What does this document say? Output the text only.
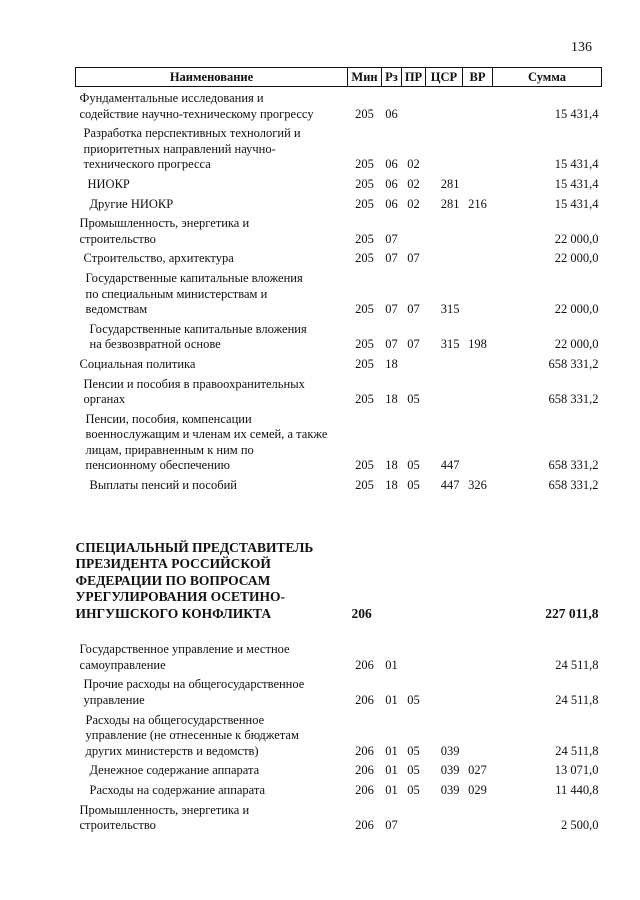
136
Наименование	Мин	Рз	ПР	ЦСР	ВР	Сумма
Фундаментальные исследования и
содействие научно-техническому прогрессу	205	06				15 431,4
Разработка перспективных технологий и
приоритетных направлений научно-
технического прогресса	205	06	02			15 431,4
НИОКР	205	06	02	281		15 431,4
Другие НИОКР	205	06	02	281	216	15 431,4
Промышленность, энергетика и
строительство	205	07				22 000,0
Строительство, архитектура	205	07	07			22 000,0
Государственные капитальные вложения
по специальным министерствам и
ведомствам	205	07	07	315		22 000,0
Государственные капитальные вложения
на безвозвратной основе	205	07	07	315	198	22 000,0
Социальная политика	205	18				658 331,2
Пенсии и пособия в правоохранительных
органах	205	18	05			658 331,2
Пенсии, пособия, компенсации
военнослужащим и членам их семей, а также
лицам, приравненным к ним по
пенсионному обеспечению	205	18	05	447		658 331,2
Выплаты пенсий и пособий	205	18	05	447	326	658 331,2
СПЕЦИАЛЬНЫЙ ПРЕДСТАВИТЕЛЬ
ПРЕЗИДЕНТА РОССИЙСКОЙ
ФЕДЕРАЦИИ ПО ВОПРОСАМ
УРЕГУЛИРОВАНИЯ ОСЕТИНО-
ИНГУШСКОГО КОНФЛИКТА	206					227 011,8
Государственное управление и местное
самоуправление	206	01				24 511,8
Прочие расходы на общегосударственное
управление	206	01	05			24 511,8
Расходы на общегосударственное
управление (не отнесенные к бюджетам
других министерств и ведомств)	206	01	05	039		24 511,8
Денежное содержание аппарата	206	01	05	039	027	13 071,0
Расходы на содержание аппарата	206	01	05	039	029	11 440,8
Промышленность, энергетика и
строительство	206	07				2 500,0
